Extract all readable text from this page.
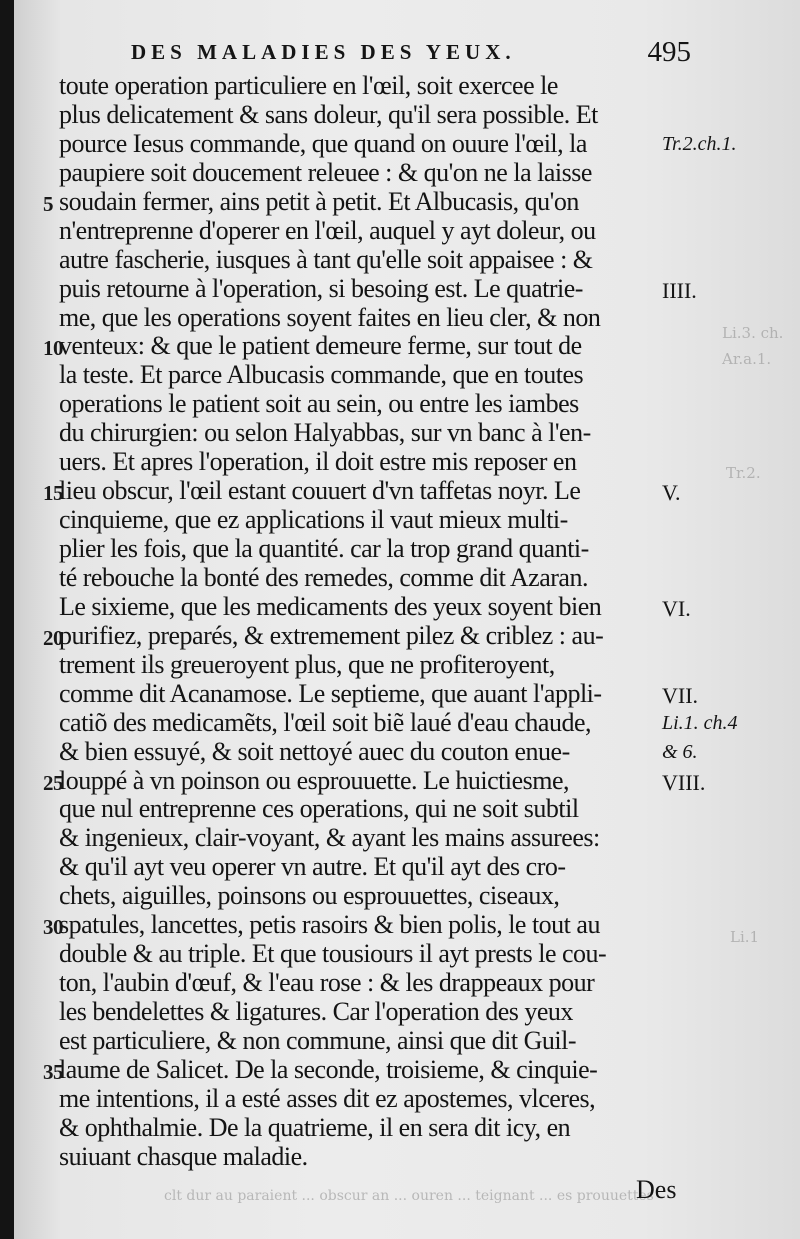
Li.3. ch.
Ar.a.1.
Tr.2.
Li.1
clt dur au paraient ... obscur an ... ouren ... teignant ... es prouuettes
DES MALADIES DES YEUX.	495
toute operation particuliere en l'œil, soit exercee le
plus delicatement & sans doleur, qu'il sera possible. Et
pource Iesus commande, que quand on ouure l'œil, la
paupiere soit doucement releuee : & qu'on ne la laisse
5 soudain fermer, ains petit à petit. Et Albucasis, qu'on
n'entreprenne d'operer en l'œil, auquel y ayt doleur, ou
autre fascherie, iusques à tant qu'elle soit appaisee : &
puis retourne à l'operation, si besoing est. Le quatrie-
me, que les operations soyent faites en lieu cler, & non
10
venteux: & que le patient demeure ferme, sur tout de
la teste. Et parce Albucasis commande, que en toutes
operations le patient soit au sein, ou entre les iambes
du chirurgien: ou selon Halyabbas, sur vn banc à l'en-
uers. Et apres l'operation, il doit estre mis reposer en
15
lieu obscur, l'œil estant couuert d'vn taffetas noyr. Le
cinquieme, que ez applications il vaut mieux multi-
plier les fois, que la quantité. car la trop grand quanti-
té rebouche la bonté des remedes, comme dit Azaran.
Le sixieme, que les medicaments des yeux soyent bien
20
purifiez, preparés, & extremement pilez & criblez : au-
trement ils greueroyent plus, que ne profiteroyent,
comme dit Acanamose. Le septieme, que auant l'appli-
catiõ des medicamẽts, l'œil soit biẽ laué d'eau chaude,
& bien essuyé, & soit nettoyé auec du couton enue-
25
louppé à vn poinson ou esprouuette. Le huictiesme,
que nul entreprenne ces operations, qui ne soit subtil
& ingenieux, clair-voyant, & ayant les mains assurees:
& qu'il ayt veu operer vn autre. Et qu'il ayt des cro-
chets, aiguilles, poinsons ou esprouuettes, ciseaux,
30
spatules, lancettes, petis rasoirs & bien polis, le tout au
double & au triple. Et que tousiours il ayt prests le cou-
ton, l'aubin d'œuf, & l'eau rose : & les drappeaux pour
les bendelettes & ligatures. Car l'operation des yeux
est particuliere, & non commune, ainsi que dit Guil-
35
laume de Salicet. De la seconde, troisieme, & cinquie-
me intentions, il a esté asses dit ez apostemes, vlceres,
& ophthalmie. De la quatrieme, il en sera dit icy, en
suiuant chasque maladie.
Tr.2.ch.1.
IIII.
V.
VI.
VII.
Li.1. ch.4
& 6.
VIII.
Des
